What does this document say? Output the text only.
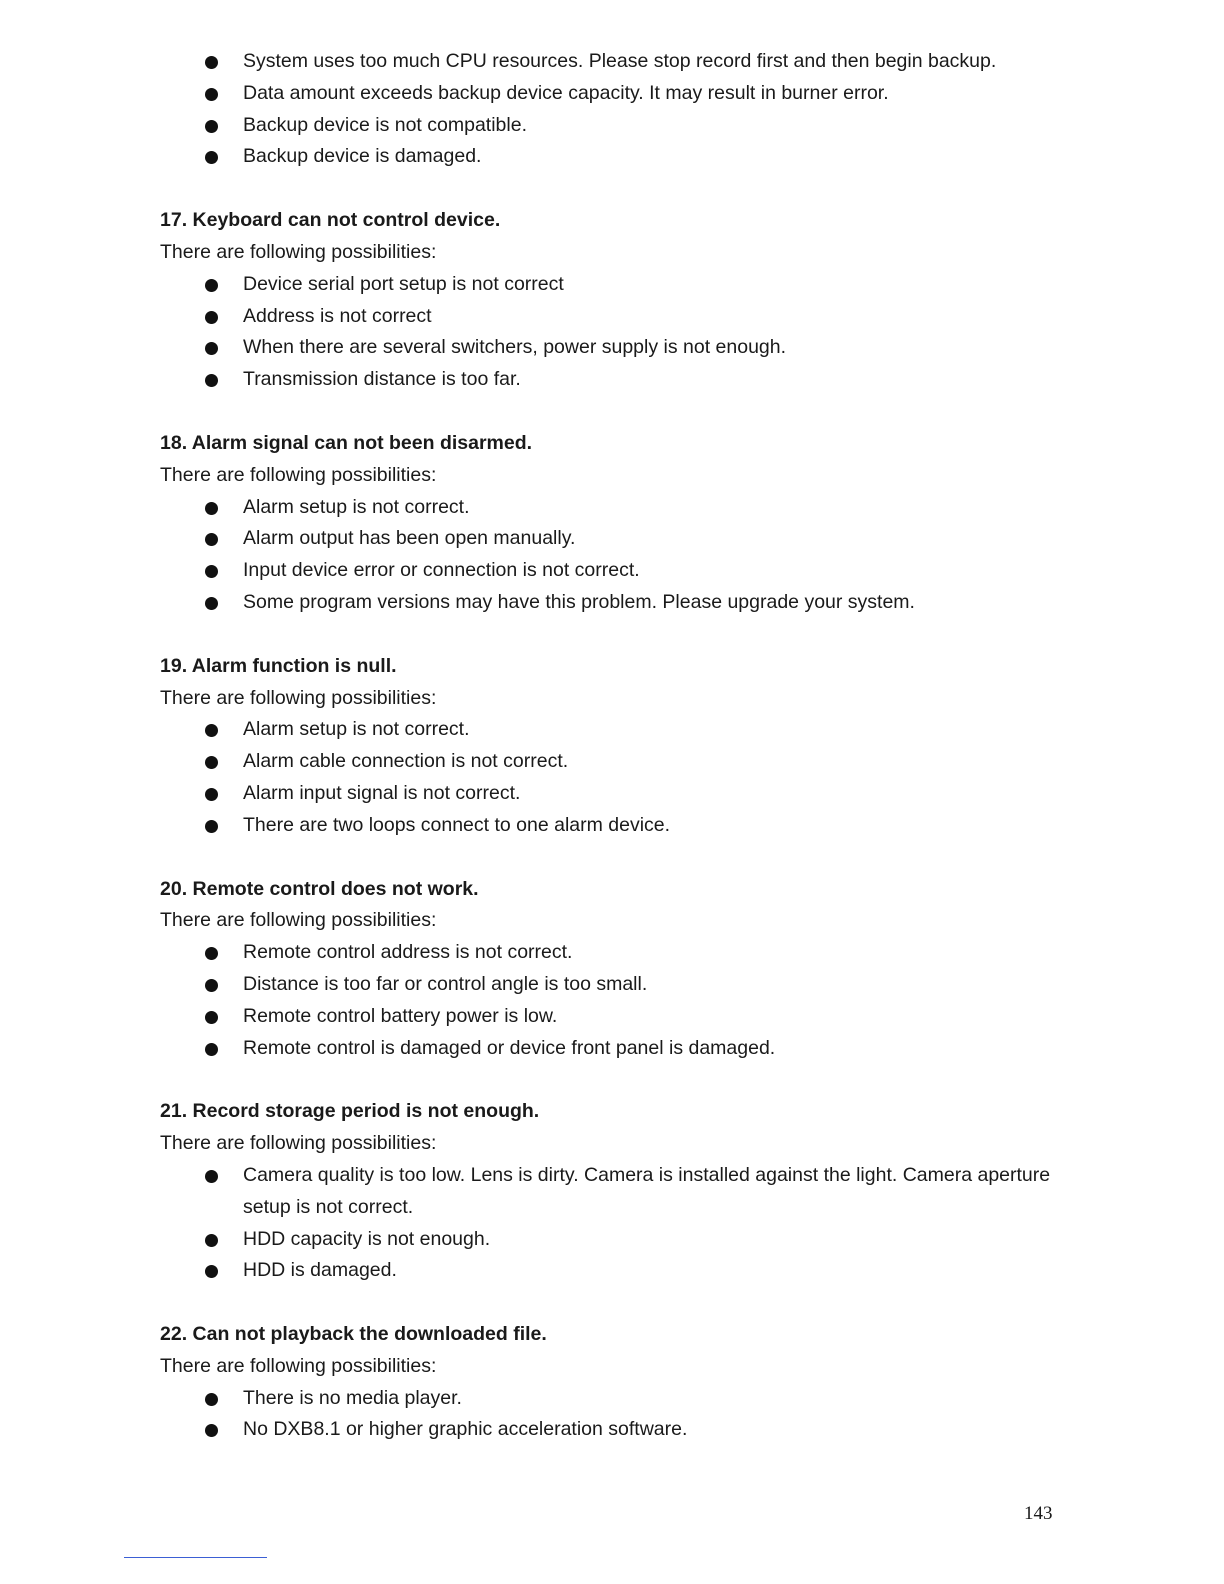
System uses too much CPU resources. Please stop record first and then begin backup.
Data amount exceeds backup device capacity. It may result in burner error.
Backup device is not compatible.
Backup device is damaged.
17. Keyboard can not control device.

There are following possibilities:

Device serial port setup is not correct
Address is not correct
When there are several switchers, power supply is not enough.
Transmission distance is too far.
18. Alarm signal can not been disarmed.

There are following possibilities:

Alarm setup is not correct.
Alarm output has been open manually.
Input device error or connection is not correct.
Some program versions may have this problem. Please upgrade your system.
19. Alarm function is null.

There are following possibilities:

Alarm setup is not correct.
Alarm cable connection is not correct.
Alarm input signal is not correct.
There are two loops connect to one alarm device.
20. Remote control does not work.

There are following possibilities:

Remote control address is not correct.
Distance is too far or control angle is too small.
Remote control battery power is low.
Remote control is damaged or device front panel is damaged.
21. Record storage period is not enough.

There are following possibilities:

Camera quality is too low. Lens is dirty. Camera is installed against the light. Camera aperture setup is not correct.
HDD capacity is not enough.
HDD is damaged.
22. Can not playback the downloaded file.

There are following possibilities:

There is no media player.
No DXB8.1 or higher graphic acceleration software.
143
